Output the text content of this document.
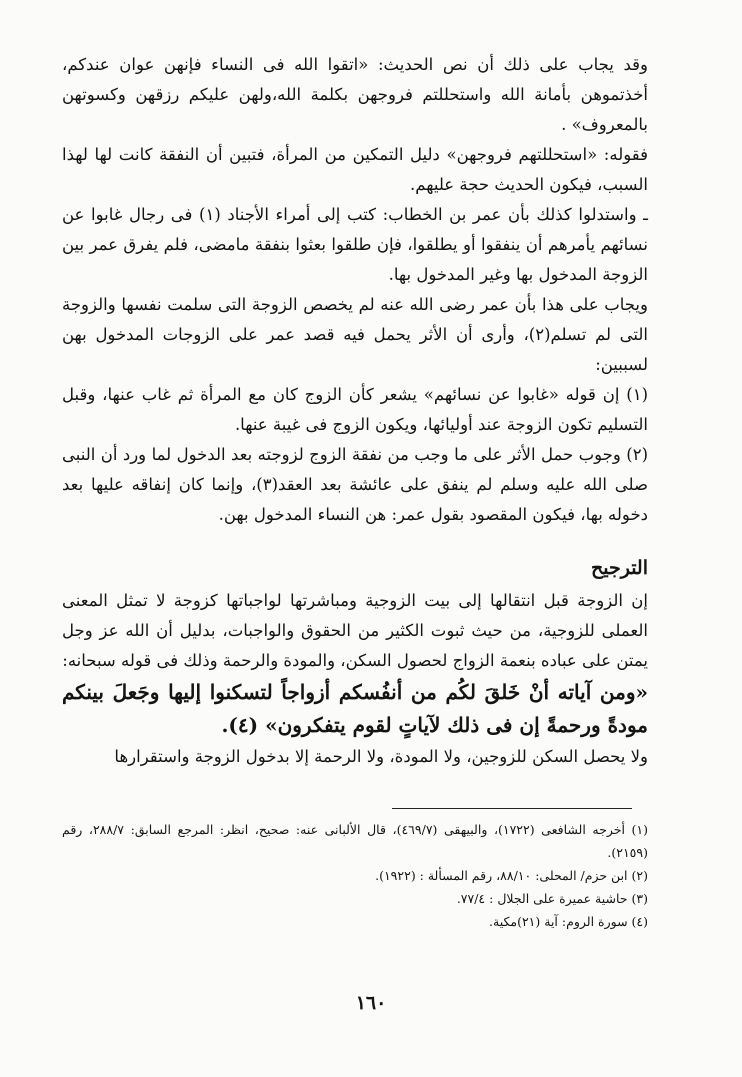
وقد يجاب على ذلك أن نص الحديث: «اتقوا الله فى النساء فإنهن عوان عندكم، أخذتموهن بأمانة الله واستحللتم فروجهن بكلمة الله،ولهن عليكم رزقهن وكسوتهن بالمعروف» .

فقوله: «استحللتهم فروجهن» دليل التمكين من المرأة، فتبين أن النفقة كانت لها لهذا السبب، فيكون الحديث حجة عليهم.

ـ واستدلوا كذلك بأن عمر بن الخطاب: كتب إلى أمراء الأجناد (١) فى رجال غابوا عن نسائهم يأمرهم أن ينفقوا أو يطلقوا، فإن طلقوا بعثوا بنفقة مامضى، فلم يفرق عمر بين الزوجة المدخول بها وغير المدخول بها.

ويجاب على هذا بأن عمر رضى الله عنه لم يخصص الزوجة التى سلمت نفسها والزوجة التى لم تسلم(٢)، وأرى أن الأثر يحمل فيه قصد عمر على الزوجات المدخول بهن لسببين:

(١) إن قوله «غابوا عن نسائهم» يشعر كأن الزوج كان مع المرأة ثم غاب عنها، وقبل التسليم تكون الزوجة عند أوليائها، ويكون الزوج فى غيبة عنها.

(٢) وجوب حمل الأثر على ما وجب من نفقة الزوج لزوجته بعد الدخول لما ورد أن النبى صلى الله عليه وسلم لم ينفق على عائشة بعد العقد(٣)، وإنما كان إنفاقه عليها بعد دخوله بها، فيكون المقصود بقول عمر: هن النساء المدخول بهن.

الترجيح

إن الزوجة قبل انتقالها إلى بيت الزوجية ومباشرتها لواجباتها كزوجة لا تمثل المعنى العملى للزوجية، من حيث ثبوت الكثير من الحقوق والواجبات، بدليل أن الله عز وجل يمتن على عباده بنعمة الزواج لحصول السكن، والمودة والرحمة وذلك فى قوله سبحانه:

«ومن آياته أنْ خَلقَ لكُم من أنفُسكم أزواجاً لتسكنوا إليها وجَعلَ بينكم مودةً ورحمةً إن فى ذلك لآياتٍ لقوم يتفكرون» (٤).

ولا يحصل السكن للزوجين، ولا المودة، ولا الرحمة إلا بدخول الزوجة واستقرارها

(١) أخرجه الشافعى (١٧٢٢)، والبيهقى (٤٦٩/٧)، قال الألبانى عنه: صحيح، انظر: المرجع السابق: ٢٨٨/٧، رقم (٢١٥٩).

(٢) ابن حزم/ المحلى: ٨٨/١٠، رقم المسألة : (١٩٢٢).

(٣) حاشية عميرة على الجلال : ٧٧/٤.

(٤) سورة الروم: آية (٢١)مكية.

١٦٠
